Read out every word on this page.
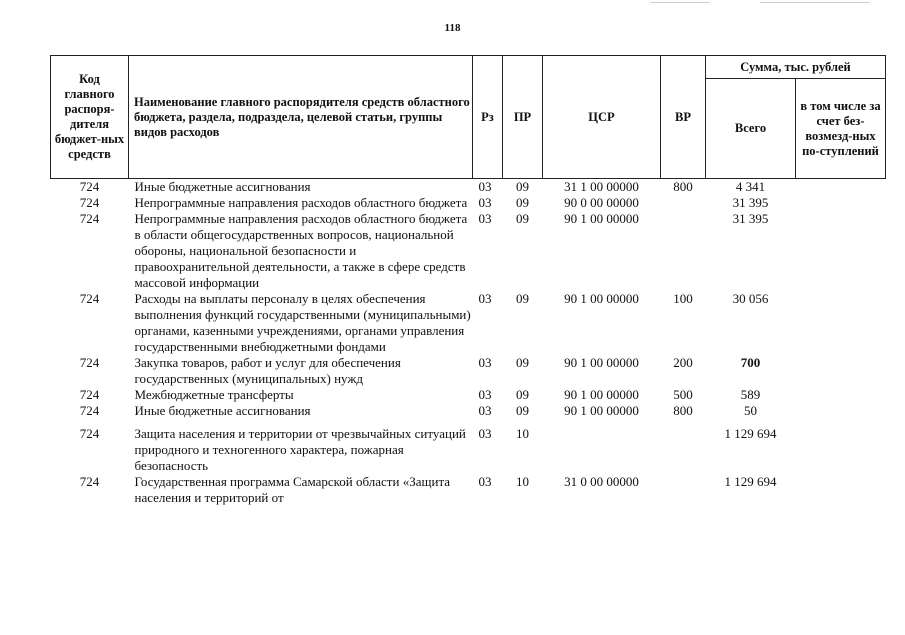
118
Код главного распоря-дителя бюджет-ных средств	Наименование главного распорядителя средств областного бюджета, раздела, подраздела, целевой статьи, группы видов расходов	Рз	ПР	ЦСР	ВР	Сумма, тыс. рублей	
						Всего	в том числе за счет без-возмезд-ных по-ступлений
724	Иные бюджетные ассигнования	03	09	31 1 00 00000	800	4 341	
724	Непрограммные направления расходов областного бюджета	03	09	90 0 00 00000		31 395	
724	Непрограммные направления расходов областного бюджета в области общегосударственных вопросов, национальной обороны, национальной безопасности и правоохранительной деятельности, а также в сфере средств массовой информации	03	09	90 1 00 00000		31 395	
724	Расходы на выплаты персоналу в целях обеспечения выполнения функций государственными (муниципальными) органами, казенными учреждениями, органами управления государственными внебюджетными фондами	03	09	90 1 00 00000	100	30 056	
724	Закупка товаров, работ и услуг для обеспечения государственных (муниципальных) нужд	03	09	90 1 00 00000	200	700	
724	Межбюджетные трансферты	03	09	90 1 00 00000	500	589	
724	Иные бюджетные ассигнования	03	09	90 1 00 00000	800	50	
724	Защита населения и территории от чрезвычайных ситуаций природного и техногенного характера, пожарная безопасность	03	10			1 129 694	
724	Государственная программа Самарской области «Защита населения и территорий от	03	10	31 0 00 00000		1 129 694	
